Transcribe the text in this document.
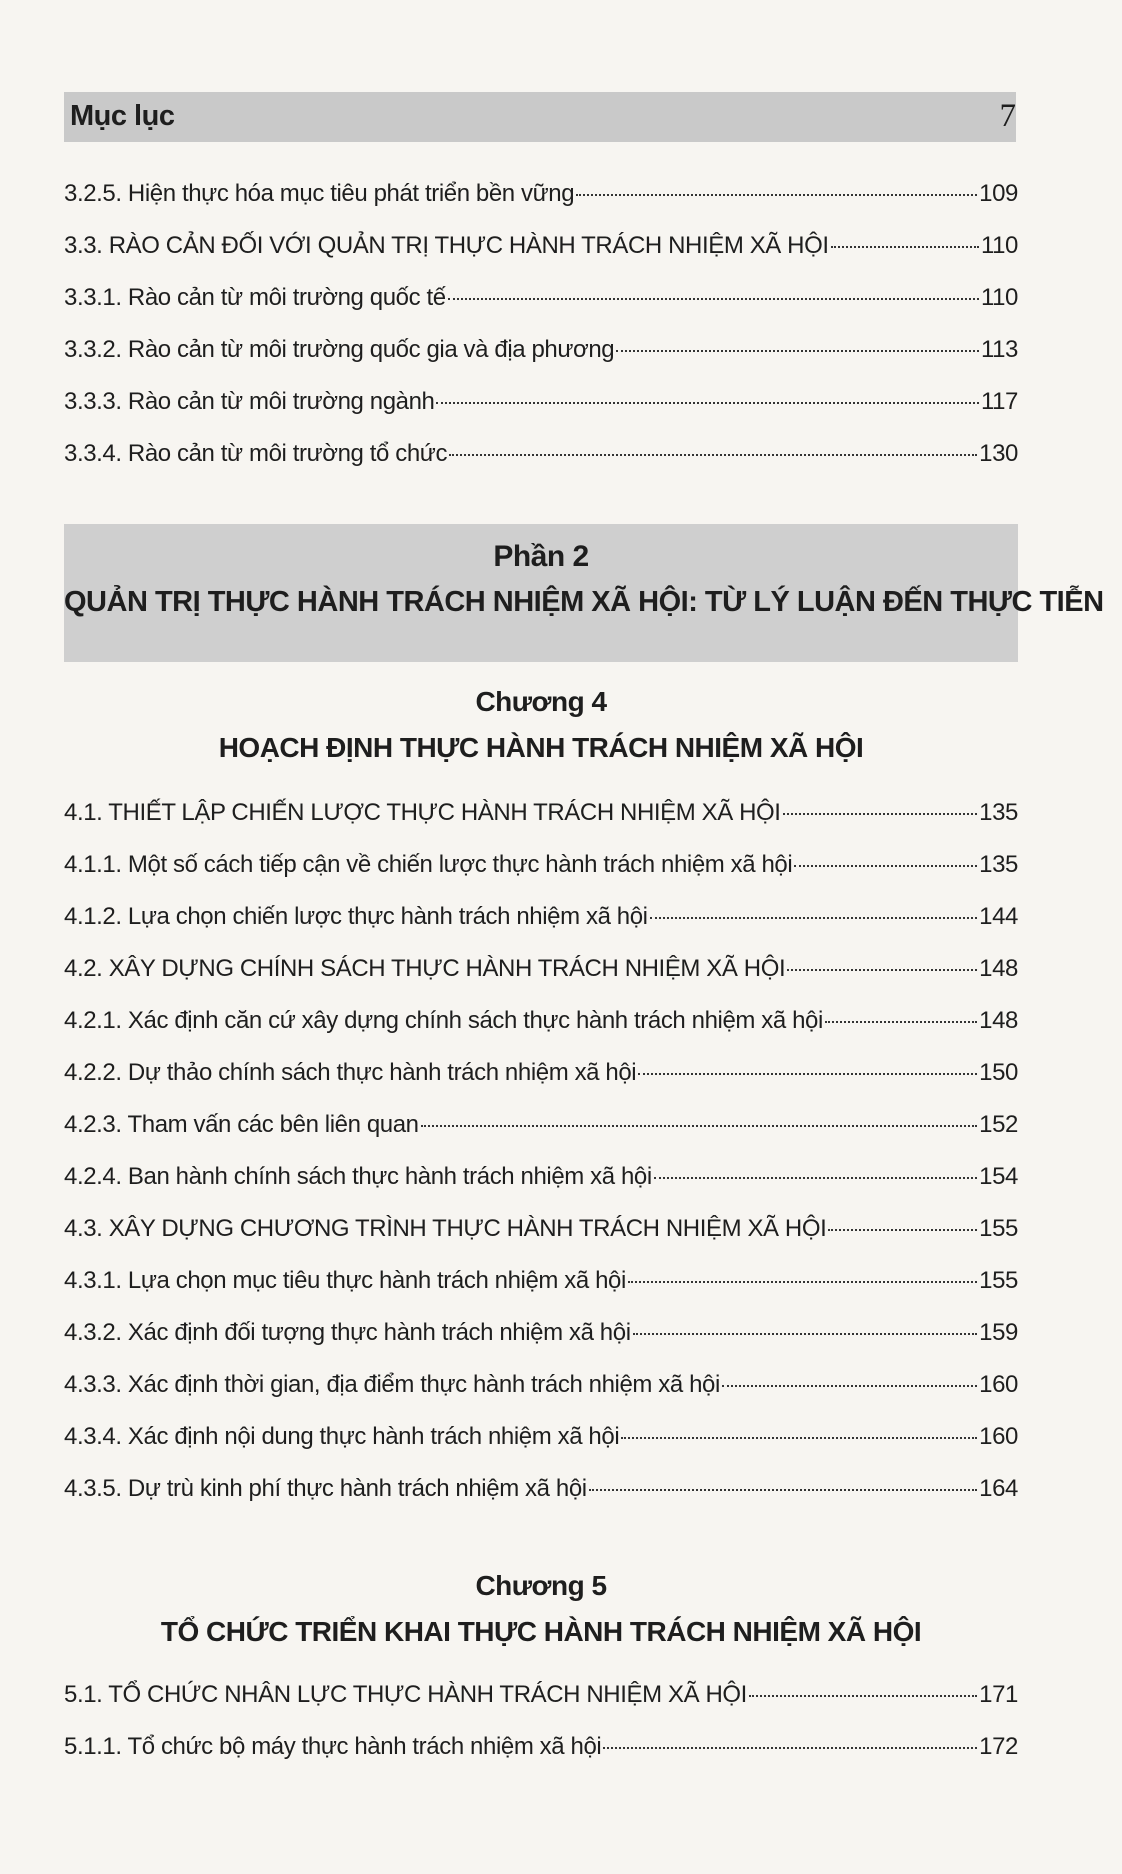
Mục lục	7
3.2.5. Hiện thực hóa mục tiêu phát triển bền vững	109
3.3. RÀO CẢN ĐỐI VỚI QUẢN TRỊ THỰC HÀNH TRÁCH NHIỆM XÃ HỘI	110
3.3.1. Rào cản từ môi trường quốc tế	110
3.3.2. Rào cản từ môi trường quốc gia và địa phương	113
3.3.3. Rào cản từ môi trường ngành	117
3.3.4. Rào cản từ môi trường tổ chức	130
Phần 2
QUẢN TRỊ THỰC HÀNH TRÁCH NHIỆM XÃ HỘI: TỪ LÝ LUẬN ĐẾN THỰC TIỄN
Chương 4
HOẠCH ĐỊNH THỰC HÀNH TRÁCH NHIỆM XÃ HỘI
4.1. THIẾT LẬP CHIẾN LƯỢC THỰC HÀNH TRÁCH NHIỆM XÃ HỘI	135
4.1.1. Một số cách tiếp cận về chiến lược thực hành trách nhiệm xã hội	135
4.1.2. Lựa chọn chiến lược thực hành trách nhiệm xã hội	144
4.2. XÂY DỰNG CHÍNH SÁCH THỰC HÀNH TRÁCH NHIỆM XÃ HỘI	148
4.2.1. Xác định căn cứ xây dựng chính sách thực hành trách nhiệm xã hội	148
4.2.2. Dự thảo chính sách thực hành trách nhiệm xã hội	150
4.2.3. Tham vấn các bên liên quan	152
4.2.4. Ban hành chính sách thực hành trách nhiệm xã hội	154
4.3. XÂY DỰNG CHƯƠNG TRÌNH THỰC HÀNH TRÁCH NHIỆM XÃ HỘI	155
4.3.1. Lựa chọn mục tiêu thực hành trách nhiệm xã hội	155
4.3.2. Xác định đối tượng thực hành trách nhiệm xã hội	159
4.3.3. Xác định thời gian, địa điểm thực hành trách nhiệm xã hội	160
4.3.4. Xác định nội dung thực hành trách nhiệm xã hội	160
4.3.5. Dự trù kinh phí thực hành trách nhiệm xã hội	164
Chương 5
TỔ CHỨC TRIỂN KHAI THỰC HÀNH TRÁCH NHIỆM XÃ HỘI
5.1. TỔ CHỨC NHÂN LỰC THỰC HÀNH TRÁCH NHIỆM XÃ HỘI	171
5.1.1. Tổ chức bộ máy thực hành trách nhiệm xã hội	172
